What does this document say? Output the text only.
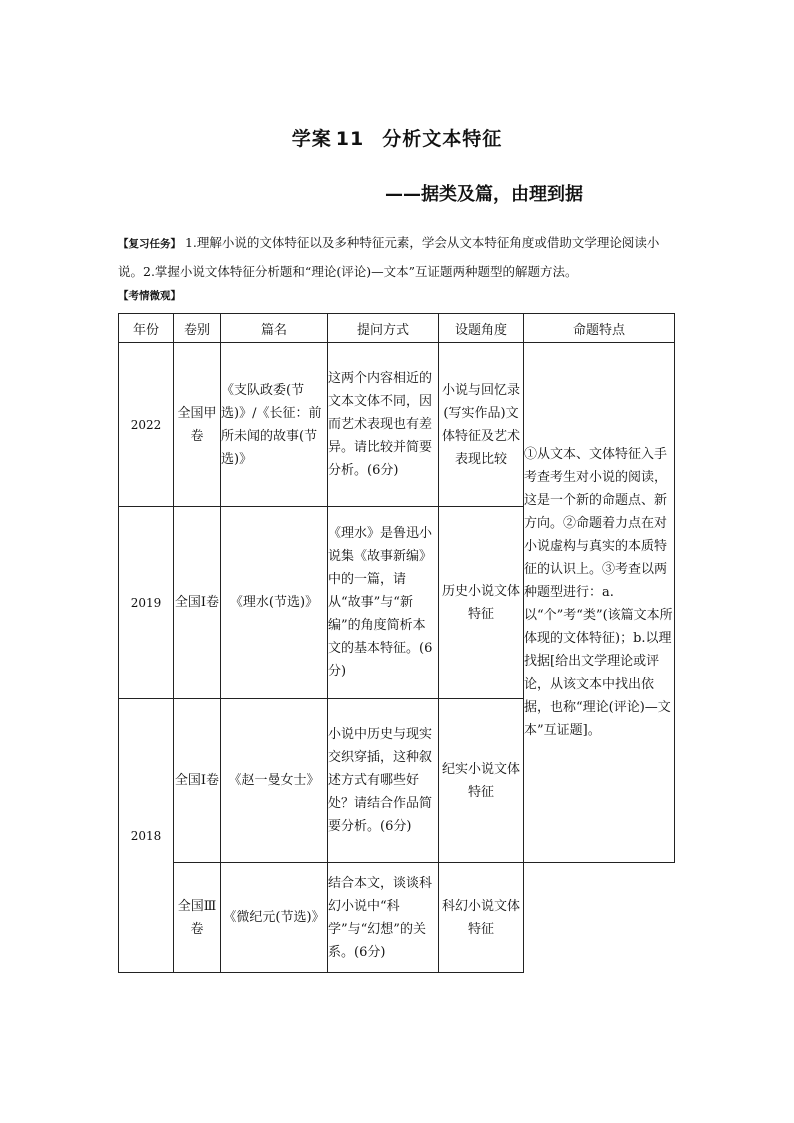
学案 11 分析文本特征
——据类及篇，由理到据
【复习任务】 1.理解小说的文体特征以及多种特征元素，学会从文本特征角度或借助文学理论阅读小说。2.掌握小说文体特征分析题和“理论(评论)—文本”互证题两种题型的解题方法。
【考情微观】
年份	卷别	篇名	提问方式	设题角度	命题特点
2022	全国甲卷	《支队政委(节选)》/《长征：前所未闻的故事(节选)》	这两个内容相近的文本文体不同，因而艺术表现也有差异。请比较并简要分析。(6分)	小说与回忆录(写实作品)文体特征及艺术表现比较	①从文本、文体特征入手考查考生对小说的阅读，这是一个新的命题点、新方向。②命题着力点在对小说虚构与真实的本质特征的认识上。③考查以两种题型进行：a.以“个”考“类”(该篇文本所体现的文体特征)；b.以理找据[给出文学理论或评论，从该文本中找出依据，也称“理论(评论)—文本”互证题]。
2019	全国Ⅰ卷	《理水(节选)》	《理水》是鲁迅小说集《故事新编》中的一篇，请从“故事”与“新编”的角度简析本文的基本特征。(6分)	历史小说文体特征	
2018	全国Ⅰ卷	《赵一曼女士》	小说中历史与现实交织穿插，这种叙述方式有哪些好处？请结合作品简要分析。(6分)	纪实小说文体特征	
	全国Ⅲ卷	《微纪元(节选)》	结合本文，谈谈科幻小说中“科学”与“幻想”的关系。(6分)	科幻小说文体特征	
